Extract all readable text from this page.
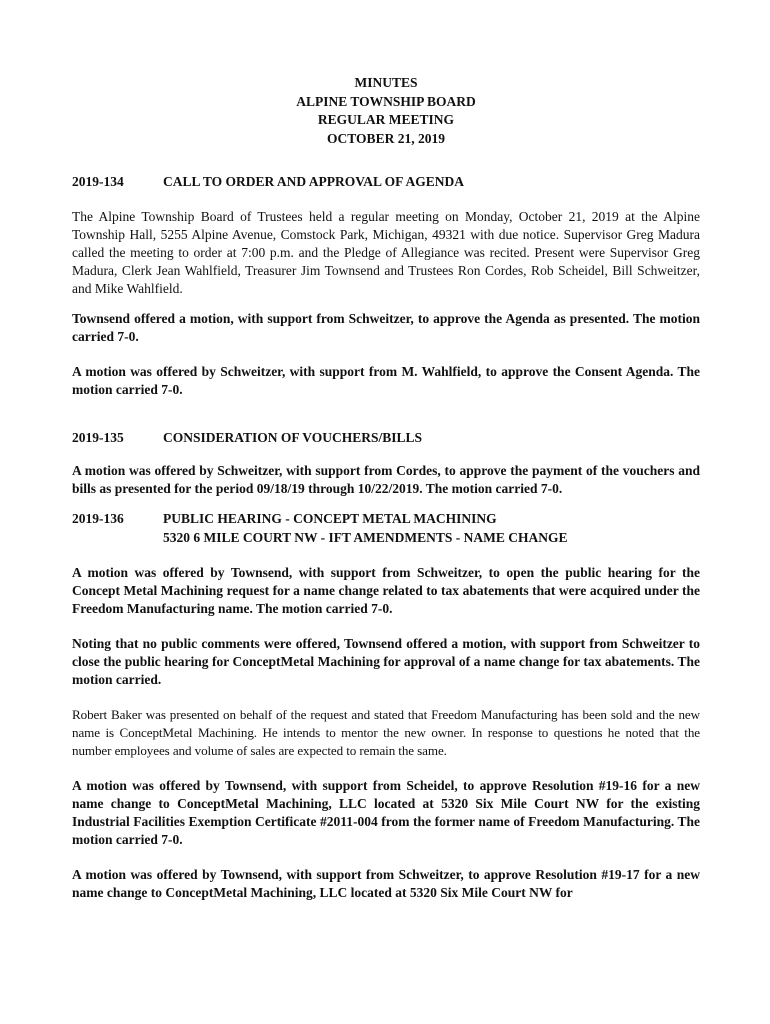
MINUTES
ALPINE TOWNSHIP BOARD
REGULAR MEETING
OCTOBER 21, 2019
2019-134	CALL TO ORDER AND APPROVAL OF AGENDA

The Alpine Township Board of Trustees held a regular meeting on Monday, October 21, 2019 at the Alpine Township Hall, 5255 Alpine Avenue, Comstock Park, Michigan, 49321 with due notice. Supervisor Greg Madura called the meeting to order at 7:00 p.m. and the Pledge of Allegiance was recited. Present were Supervisor Greg Madura, Clerk Jean Wahlfield, Treasurer Jim Townsend and Trustees Ron Cordes, Rob Scheidel, Bill Schweitzer, and Mike Wahlfield.

Townsend offered a motion, with support from Schweitzer, to approve the Agenda as presented. The motion carried 7-0.

A motion was offered by Schweitzer, with support from M. Wahlfield, to approve the Consent Agenda. The motion carried 7-0.

2019-135	CONSIDERATION OF VOUCHERS/BILLS

A motion was offered by Schweitzer, with support from Cordes, to approve the payment of the vouchers and bills as presented for the period 09/18/19 through 10/22/2019. The motion carried 7-0.

2019-136	PUBLIC HEARING - CONCEPT METAL MACHINING
5320 6 MILE COURT NW - IFT AMENDMENTS - NAME CHANGE

A motion was offered by Townsend, with support from Schweitzer, to open the public hearing for the Concept Metal Machining request for a name change related to tax abatements that were acquired under the Freedom Manufacturing name. The motion carried 7-0.

Noting that no public comments were offered, Townsend offered a motion, with support from Schweitzer to close the public hearing for ConceptMetal Machining for approval of a name change for tax abatements. The motion carried.

Robert Baker was presented on behalf of the request and stated that Freedom Manufacturing has been sold and the new name is ConceptMetal Machining. He intends to mentor the new owner. In response to questions he noted that the number employees and volume of sales are expected to remain the same.

A motion was offered by Townsend, with support from Scheidel, to approve Resolution #19-16 for a new name change to ConceptMetal Machining, LLC located at 5320 Six Mile Court NW for the existing Industrial Facilities Exemption Certificate #2011-004 from the former name of Freedom Manufacturing. The motion carried 7-0.

A motion was offered by Townsend, with support from Schweitzer, to approve Resolution #19-17 for a new name change to ConceptMetal Machining, LLC located at 5320 Six Mile Court NW for
